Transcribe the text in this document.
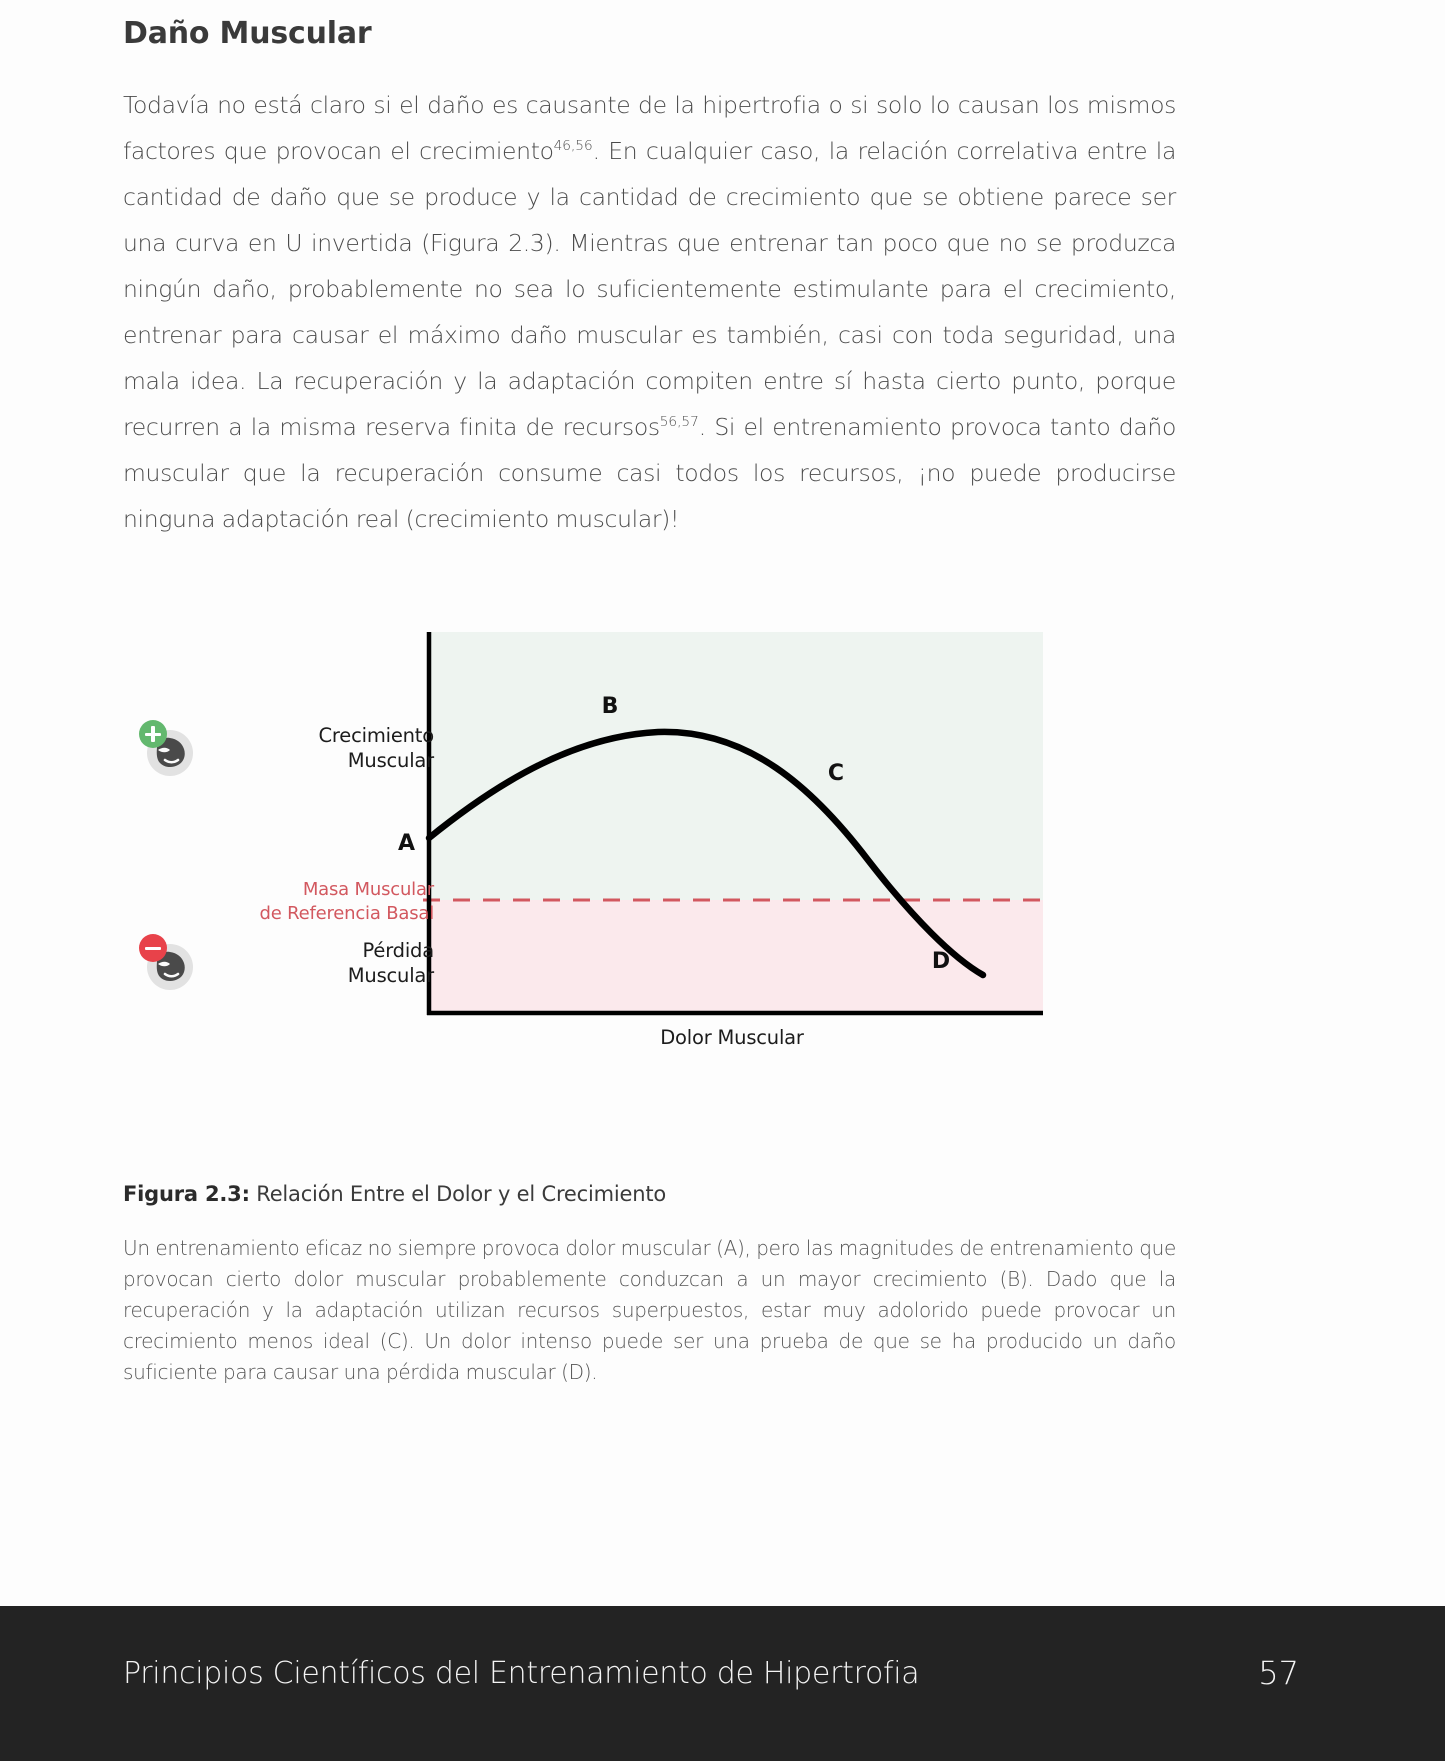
Daño Muscular

Todavía no está claro si el daño es causante de la hipertrofia o si solo lo causan los mismos factores que provocan el crecimiento$^{46,56}$. En cualquier caso, la relación correlativa entre la cantidad de daño que se produce y la cantidad de crecimiento que se obtiene parece ser una curva en U invertida (Figura 2.3). Mientras que entrenar tan poco que no se produzca ningún daño, probablemente no sea lo suficientemente estimulante para el crecimiento, entrenar para causar el máximo daño muscular es también, casi con toda seguridad, una mala idea. La recuperación y la adaptación compiten entre sí hasta cierto punto, porque recurren a la misma reserva finita de recursos$^{56,57}$. Si el entrenamiento provoca tanto daño muscular que la recuperación consume casi todos los recursos, ¡no puede producirse ninguna adaptación real (crecimiento muscular)!

A
B
C
D
Crecimiento
Muscular
Masa Muscular
de Referencia Basal
Pérdida
Muscular
Dolor Muscular

Figura 2.3: Relación Entre el Dolor y el Crecimiento

Un entrenamiento eficaz no siempre provoca dolor muscular (A), pero las magnitudes de entrenamiento que provocan cierto dolor muscular probablemente conduzcan a un mayor crecimiento (B). Dado que la recuperación y la adaptación utilizan recursos superpuestos, estar muy adolorido puede provocar un crecimiento menos ideal (C). Un dolor intenso puede ser una prueba de que se ha producido un daño suficiente para causar una pérdida muscular (D).

Principios Científicos del Entrenamiento de Hipertrofia	57
